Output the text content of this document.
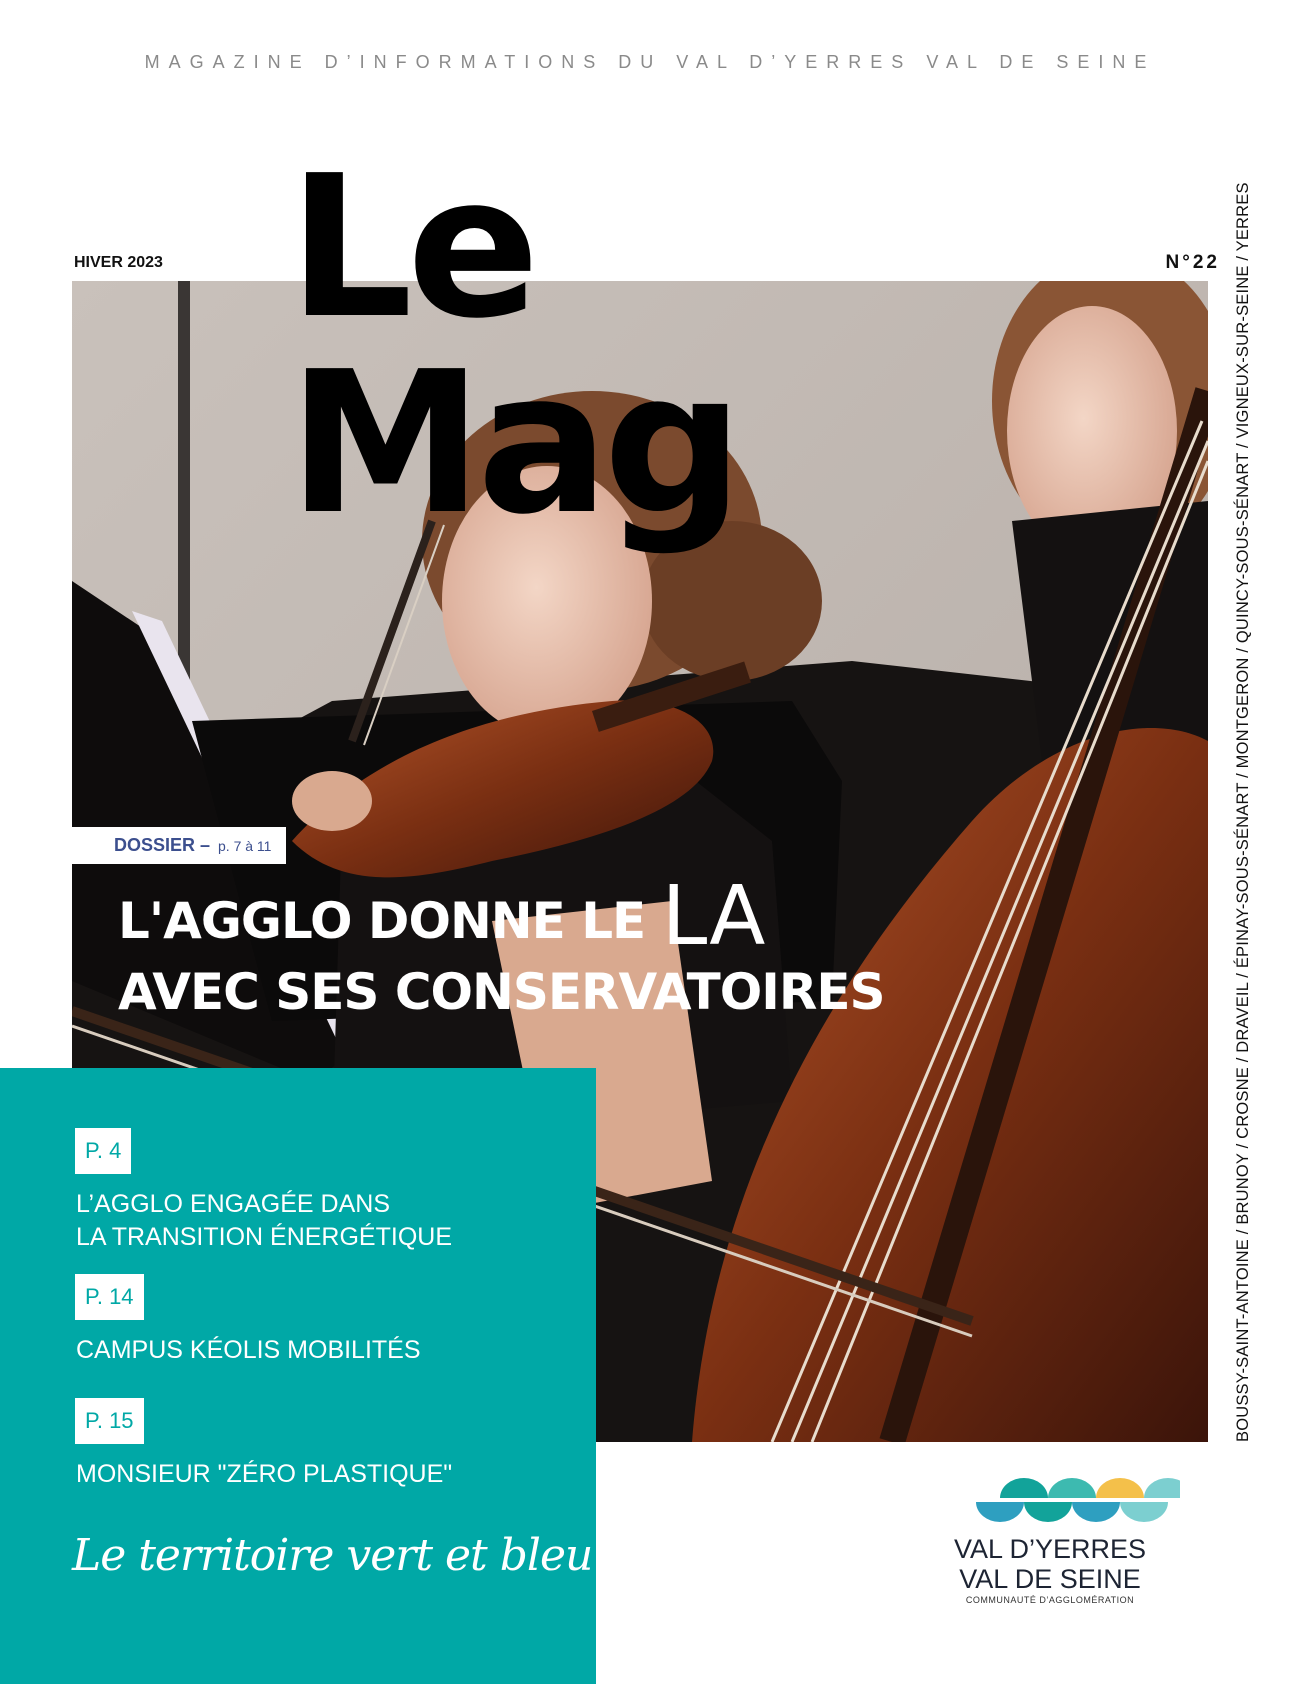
MAGAZINE D’INFORMATIONS DU VAL D’YERRES VAL DE SEINE
HIVER 2023	N°22
Le Mag
DOSSIER – p. 7 à 11
L'AGGLO DONNE LE LA
AVEC SES CONSERVATOIRES
P. 4
L’AGGLO ENGAGÉE DANS
LA TRANSITION ÉNERGÉTIQUE
P. 14
CAMPUS KÉOLIS MOBILITÉS
P. 15
MONSIEUR "ZÉRO PLASTIQUE"
Le territoire vert et bleu
BOUSSY-SAINT-ANTOINE / BRUNOY / CROSNE / DRAVEIL / ÉPINAY-SOUS-SÉNART / MONTGERON / QUINCY-SOUS-SÉNART / VIGNEUX-SUR-SEINE / YERRES
VAL D’YERRES
VAL DE SEINE
COMMUNAUTÉ D’AGGLOMÉRATION
